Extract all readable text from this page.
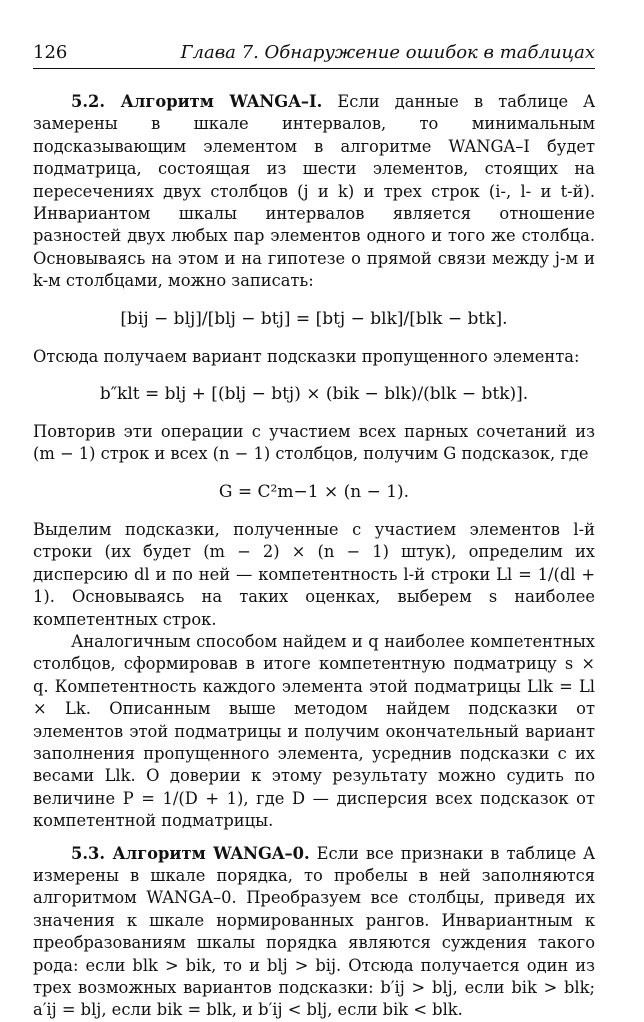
126	Глава 7. Обнаружение ошибок в таблицах

5.2. Алгоритм WANGA–I. Если данные в таблице A замерены в шкале интервалов, то минимальным подсказывающим элементом в алгоритме WANGA–I будет подматрица, состоящая из шести элементов, стоящих на пересечениях двух столбцов (j и k) и трех строк (i-, l- и t-й). Инвариантом шкалы интервалов является отношение разностей двух любых пар элементов одного и того же столбца. Основываясь на этом и на гипотезе о прямой связи между j-м и k-м столбцами, можно записать:

[bij − blj]/[blj − btj] = [btj − blk]/[blk − btk].

Отсюда получаем вариант подсказки пропущенного элемента:

b″klt = blj + [(blj − btj) × (bik − blk)/(blk − btk)].

Повторив эти операции с участием всех парных сочетаний из (m − 1) строк и всех (n − 1) столбцов, получим G подсказок, где

G = C²m−1 × (n − 1).

Выделим подсказки, полученные с участием элементов l-й строки (их будет (m − 2) × (n − 1) штук), определим их дисперсию dl и по ней — компетентность l-й строки Ll = 1/(dl + 1). Основываясь на таких оценках, выберем s наиболее компетентных строк.

Аналогичным способом найдем и q наиболее компетентных столбцов, сформировав в итоге компетентную подматрицу s × q. Компетентность каждого элемента этой подматрицы Llk = Ll × Lk. Описанным выше методом найдем подсказки от элементов этой подматрицы и получим окончательный вариант заполнения пропущенного элемента, усреднив подсказки с их весами Llk. О доверии к этому результату можно судить по величине P = 1/(D + 1), где D — дисперсия всех подсказок от компетентной подматрицы.

5.3. Алгоритм WANGA–0. Если все признаки в таблице A измерены в шкале порядка, то пробелы в ней заполняются алгоритмом WANGA–0. Преобразуем все столбцы, приведя их значения к шкале нормированных рангов. Инвариантным к преобразованиям шкалы порядка являются суждения такого рода: если blk > bik, то и blj > bij. Отсюда получается один из трех возможных вариантов подсказки: b′ij > blj, если bik > blk; a′ij = blj, если bik = blk, и b′ij < blj, если bik < blk.
